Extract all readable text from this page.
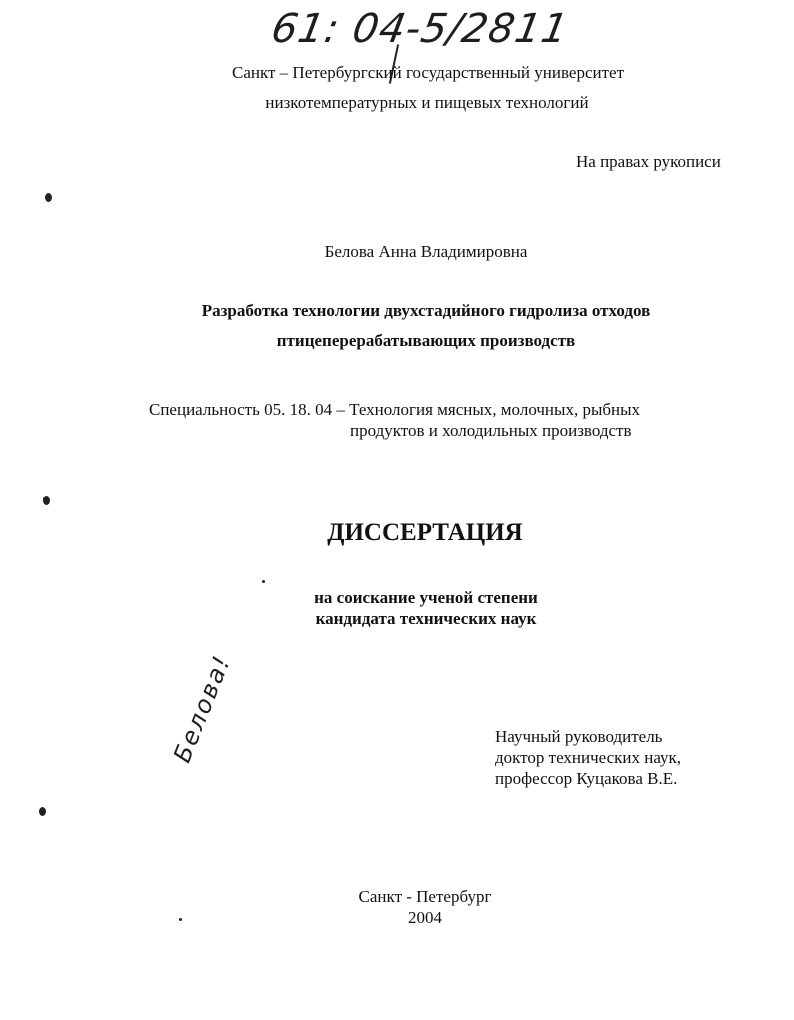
61: 04-5/2811
Санкт – Петербургский государственный университет
низкотемпературных и пищевых технологий
На правах рукописи
Белова Анна Владимировна
Разработка технологии двухстадийного гидролиза отходов
птицеперерабатывающих производств
Специальность 05. 18. 04 – Технология мясных, молочных, рыбных
продуктов и холодильных производств
ДИССЕРТАЦИЯ
на соискание ученой степени
кандидата технических наук
Научный руководитель
доктор технических наук,
профессор Куцакова В.Е.
Белова!
Санкт - Петербург
2004
